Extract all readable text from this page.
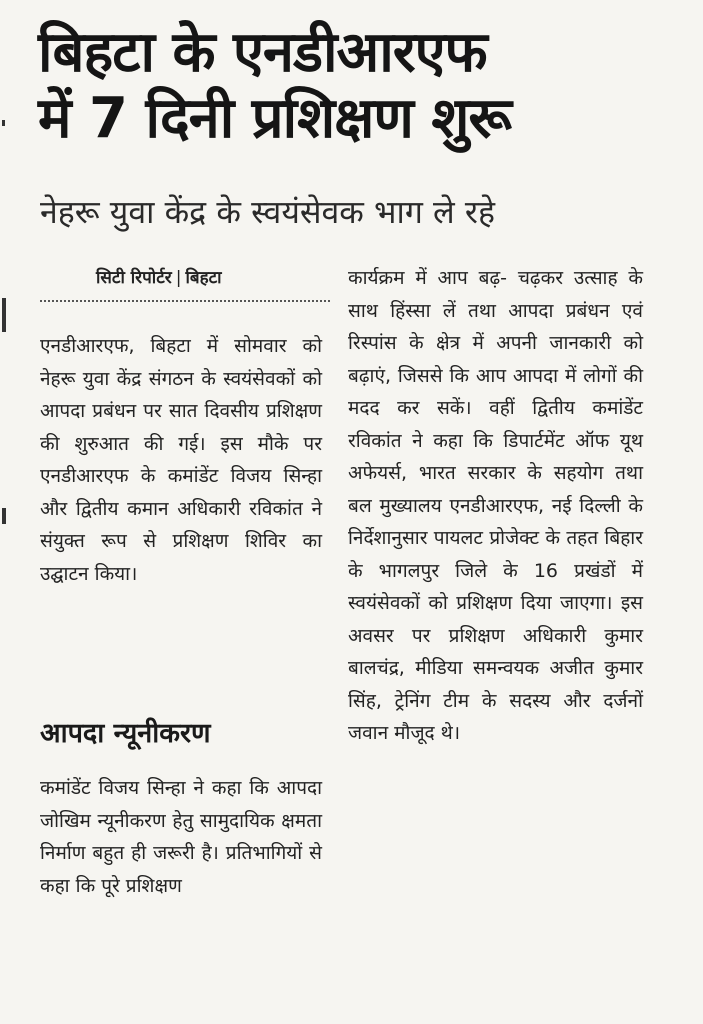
बिहटा के एनडीआरएफ
में 7 दिनी प्रशिक्षण शुरू
नेहरू युवा केंद्र के स्वयंसेवक भाग ले रहे
सिटी रिपोर्टर | बिहटा
एनडीआरएफ, बिहटा में सोमवार को नेहरू युवा केंद्र संगठन के स्वयंसेवकों को आपदा प्रबंधन पर सात दिवसीय प्रशिक्षण की शुरुआत की गई। इस मौके पर एनडीआरएफ के कमांडेंट विजय सिन्हा और द्वितीय कमान अधिकारी रविकांत ने संयुक्त रूप से प्रशिक्षण शिविर का उद्घाटन किया।
आपदा न्यूनीकरण
कमांडेंट विजय सिन्हा ने कहा कि आपदा जोखिम न्यूनीकरण हेतु सामुदायिक क्षमता निर्माण बहुत ही जरूरी है। प्रतिभागियों से कहा कि पूरे प्रशिक्षण
कार्यक्रम में आप बढ़- चढ़कर उत्साह के साथ हिंस्सा लें तथा आपदा प्रबंधन एवं रिस्पांस के क्षेत्र में अपनी जानकारी को बढ़ाएं, जिससे कि आप आपदा में लोगों की मदद कर सकें। वहीं द्वितीय कमांडेंट रविकांत ने कहा कि डिपार्टमेंट ऑफ यूथ अफेयर्स, भारत सरकार के सहयोग तथा बल मुख्यालय एनडीआरएफ, नई दिल्ली के निर्देशानुसार पायलट प्रोजेक्ट के तहत बिहार के भागलपुर जिले के 16 प्रखंडों में स्वयंसेवकों को प्रशिक्षण दिया जाएगा। इस अवसर पर प्रशिक्षण अधिकारी कुमार बालचंद्र, मीडिया समन्वयक अजीत कुमार सिंह, ट्रेनिंग टीम के सदस्य और दर्जनों जवान मौजूद थे।
